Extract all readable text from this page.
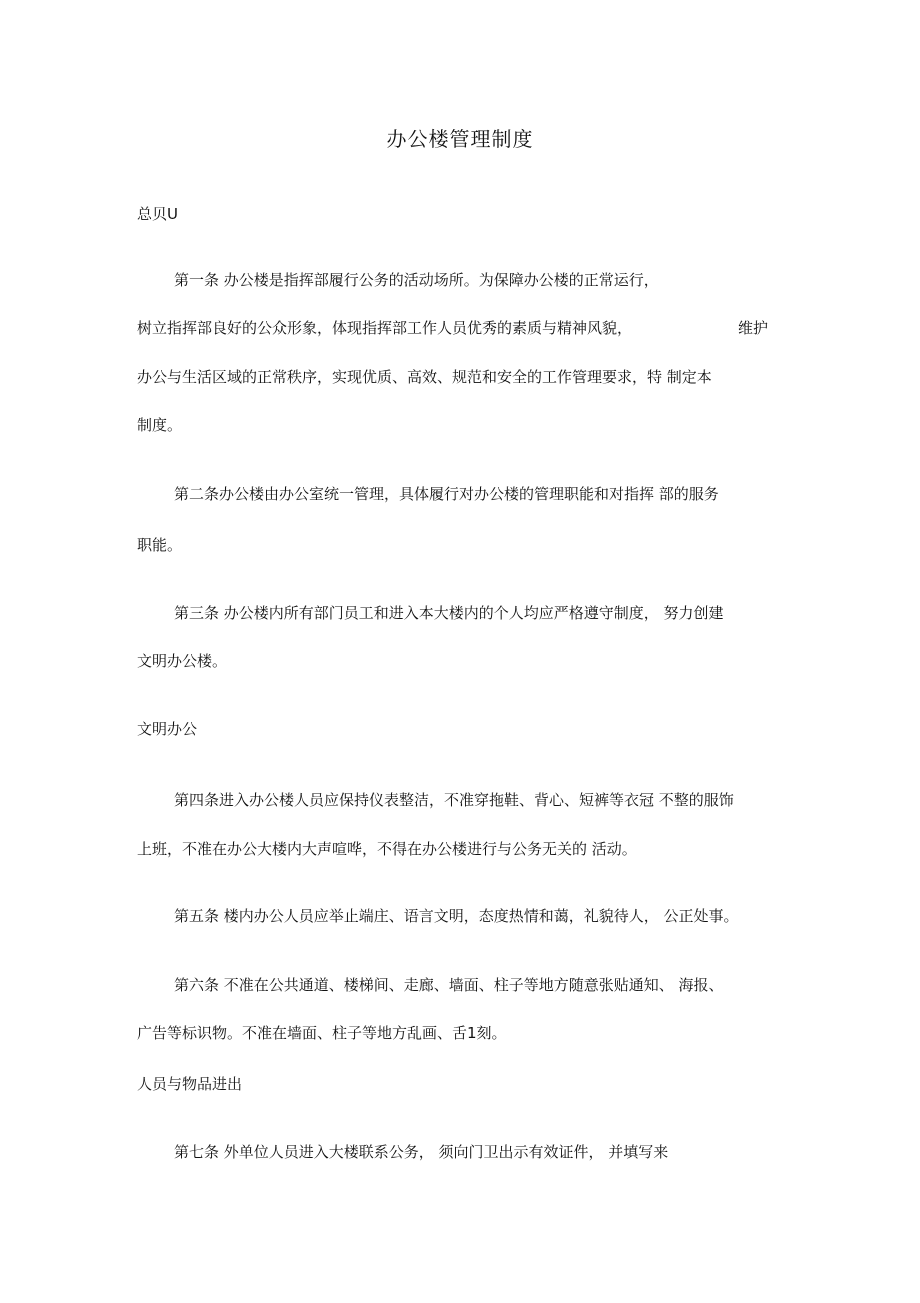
办公楼管理制度
总贝U
第一条 办公楼是指挥部履行公务的活动场所。为保障办公楼的正常运行，
树立指挥部良好的公众形象，体现指挥部工作人员优秀的素质与精神风貌，	维护
办公与生活区域的正常秩序，实现优质、高效、规范和安全的工作管理要求，特 制定本
制度。
第二条办公楼由办公室统一管理，具体履行对办公楼的管理职能和对指挥 部的服务
职能。
第三条 办公楼内所有部门员工和进入本大楼内的个人均应严格遵守制度， 努力创建
文明办公楼。
文明办公
第四条进入办公楼人员应保持仪表整洁，不准穿拖鞋、背心、短裤等衣冠 不整的服饰
上班，不准在办公大楼内大声喧哗，不得在办公楼进行与公务无关的 活动。
第五条 楼内办公人员应举止端庄、语言文明，态度热情和蔼，礼貌待人， 公正处事。
第六条 不准在公共通道、楼梯间、走廊、墙面、柱子等地方随意张贴通知、 海报、
广告等标识物。不准在墙面、柱子等地方乱画、舌1刻。
人员与物品进出
第七条 外单位人员进入大楼联系公务， 须向门卫出示有效证件， 并填写来
